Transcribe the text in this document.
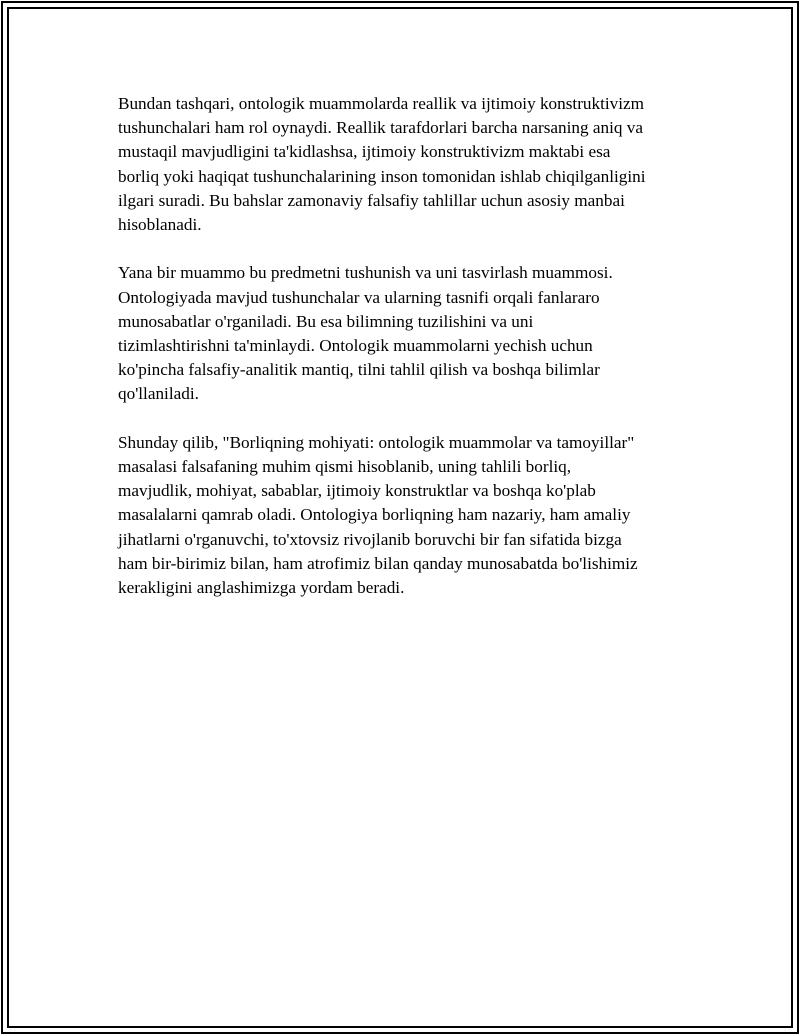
Bundan tashqari, ontologik muammolarda reallik va ijtimoiy konstruktivizm
tushunchalari ham rol oynaydi. Reallik tarafdorlari barcha narsaning aniq va
mustaqil mavjudligini ta'kidlashsa, ijtimoiy konstruktivizm maktabi esa
borliq yoki haqiqat tushunchalarining inson tomonidan ishlab chiqilganligini
ilgari suradi. Bu bahslar zamonaviy falsafiy tahlillar uchun asosiy manbai
hisoblanadi.

Yana bir muammo bu predmetni tushunish va uni tasvirlash muammosi.
Ontologiyada mavjud tushunchalar va ularning tasnifi orqali fanlararo
munosabatlar o'rganiladi. Bu esa bilimning tuzilishini va uni
tizimlashtirishni ta'minlaydi. Ontologik muammolarni yechish uchun
ko'pincha falsafiy-analitik mantiq, tilni tahlil qilish va boshqa bilimlar
qo'llaniladi.

Shunday qilib, "Borliqning mohiyati: ontologik muammolar va tamoyillar"
masalasi falsafaning muhim qismi hisoblanib, uning tahlili borliq,
mavjudlik, mohiyat, sabablar, ijtimoiy konstruktlar va boshqa ko'plab
masalalarni qamrab oladi. Ontologiya borliqning ham nazariy, ham amaliy
jihatlarni o'rganuvchi, to'xtovsiz rivojlanib boruvchi bir fan sifatida bizga
ham bir-birimiz bilan, ham atrofimiz bilan qanday munosabatda bo'lishimiz
kerakligini anglashimizga yordam beradi.
